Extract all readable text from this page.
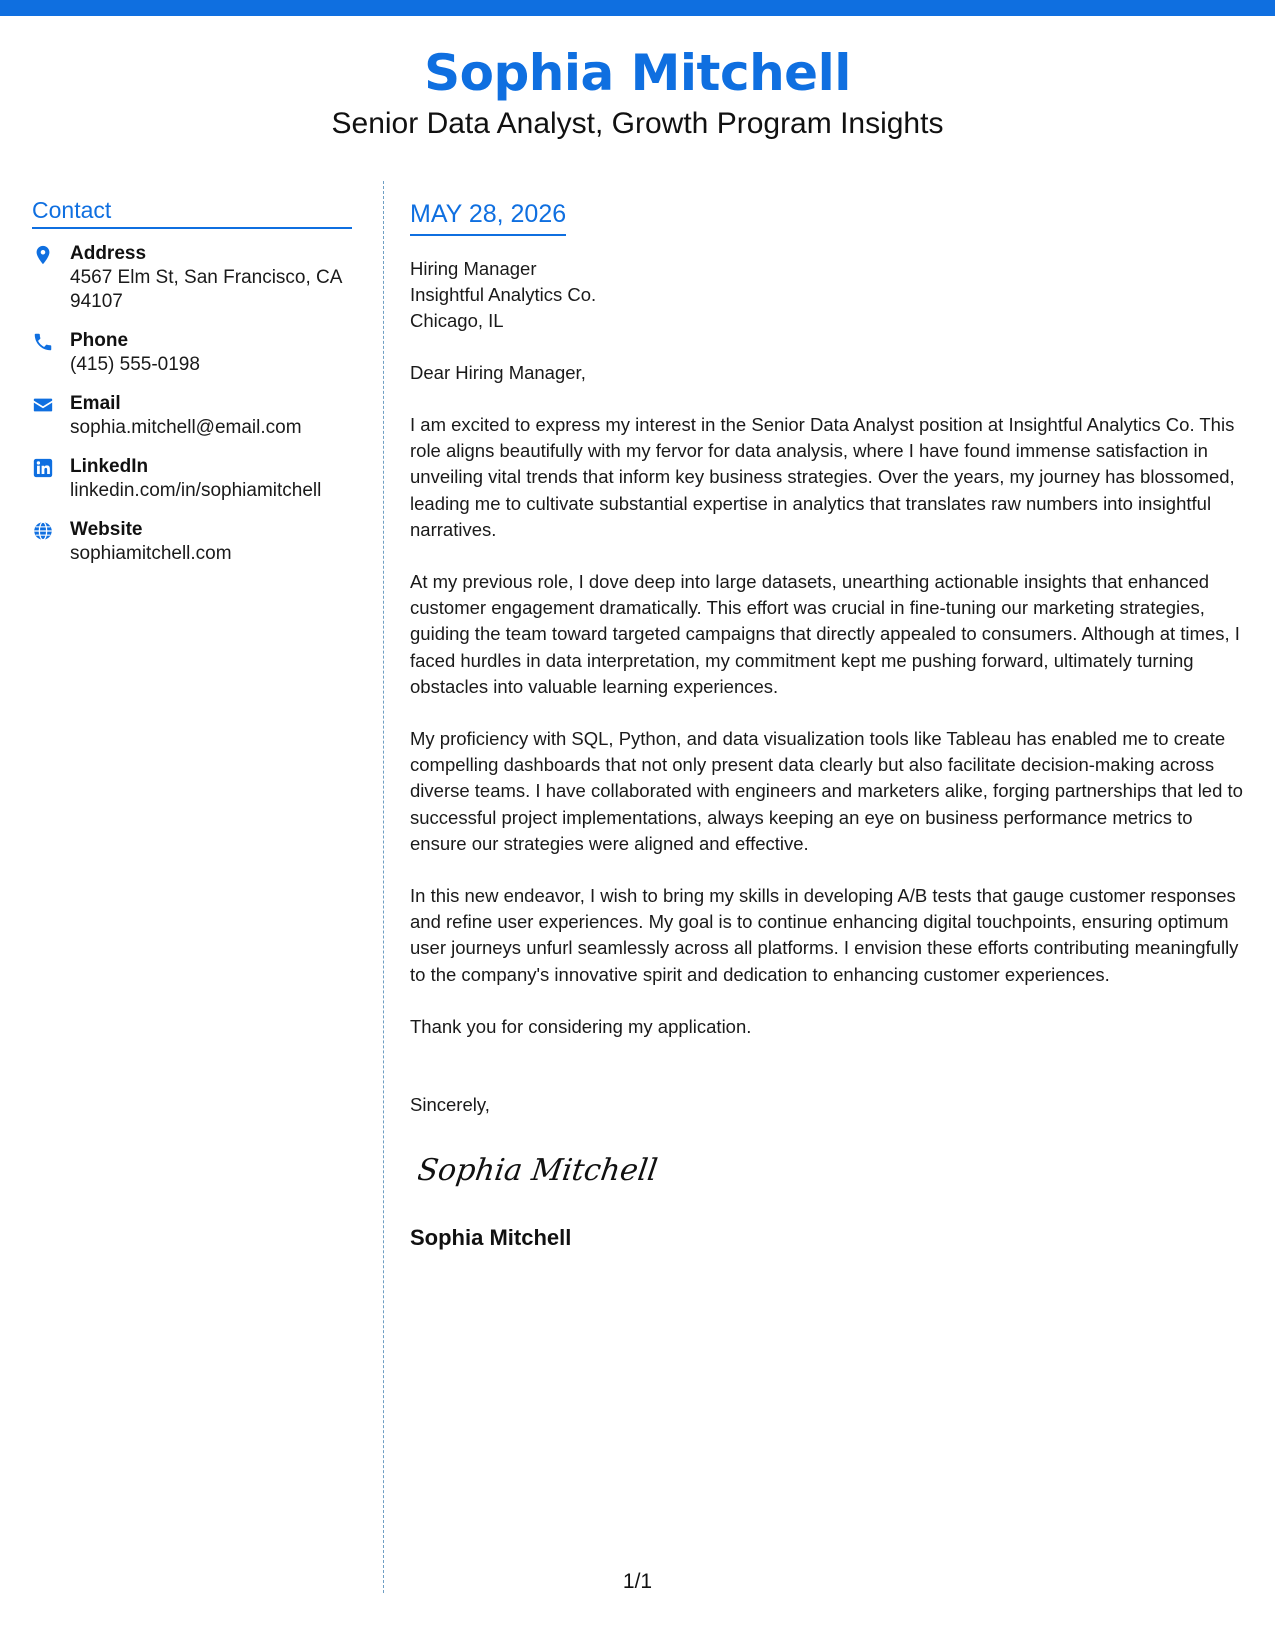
Sophia Mitchell
Senior Data Analyst, Growth Program Insights
Contact
Address
4567 Elm St, San Francisco, CA 94107
Phone
(415) 555-0198
Email
sophia.mitchell@email.com
LinkedIn
linkedin.com/in/sophiamitchell
Website
sophiamitchell.com
MAY 28, 2026
Hiring Manager
Insightful Analytics Co.
Chicago, IL
Dear Hiring Manager,
I am excited to express my interest in the Senior Data Analyst position at Insightful Analytics Co. This role aligns beautifully with my fervor for data analysis, where I have found immense satisfaction in unveiling vital trends that inform key business strategies. Over the years, my journey has blossomed, leading me to cultivate substantial expertise in analytics that translates raw numbers into insightful narratives.
At my previous role, I dove deep into large datasets, unearthing actionable insights that enhanced customer engagement dramatically. This effort was crucial in fine-tuning our marketing strategies, guiding the team toward targeted campaigns that directly appealed to consumers. Although at times, I faced hurdles in data interpretation, my commitment kept me pushing forward, ultimately turning obstacles into valuable learning experiences.
My proficiency with SQL, Python, and data visualization tools like Tableau has enabled me to create compelling dashboards that not only present data clearly but also facilitate decision-making across diverse teams. I have collaborated with engineers and marketers alike, forging partnerships that led to successful project implementations, always keeping an eye on business performance metrics to ensure our strategies were aligned and effective.
In this new endeavor, I wish to bring my skills in developing A/B tests that gauge customer responses and refine user experiences. My goal is to continue enhancing digital touchpoints, ensuring optimum user journeys unfurl seamlessly across all platforms. I envision these efforts contributing meaningfully to the company's innovative spirit and dedication to enhancing customer experiences.
Thank you for considering my application.
Sincerely,
Sophia Mitchell
Sophia Mitchell
1/1
